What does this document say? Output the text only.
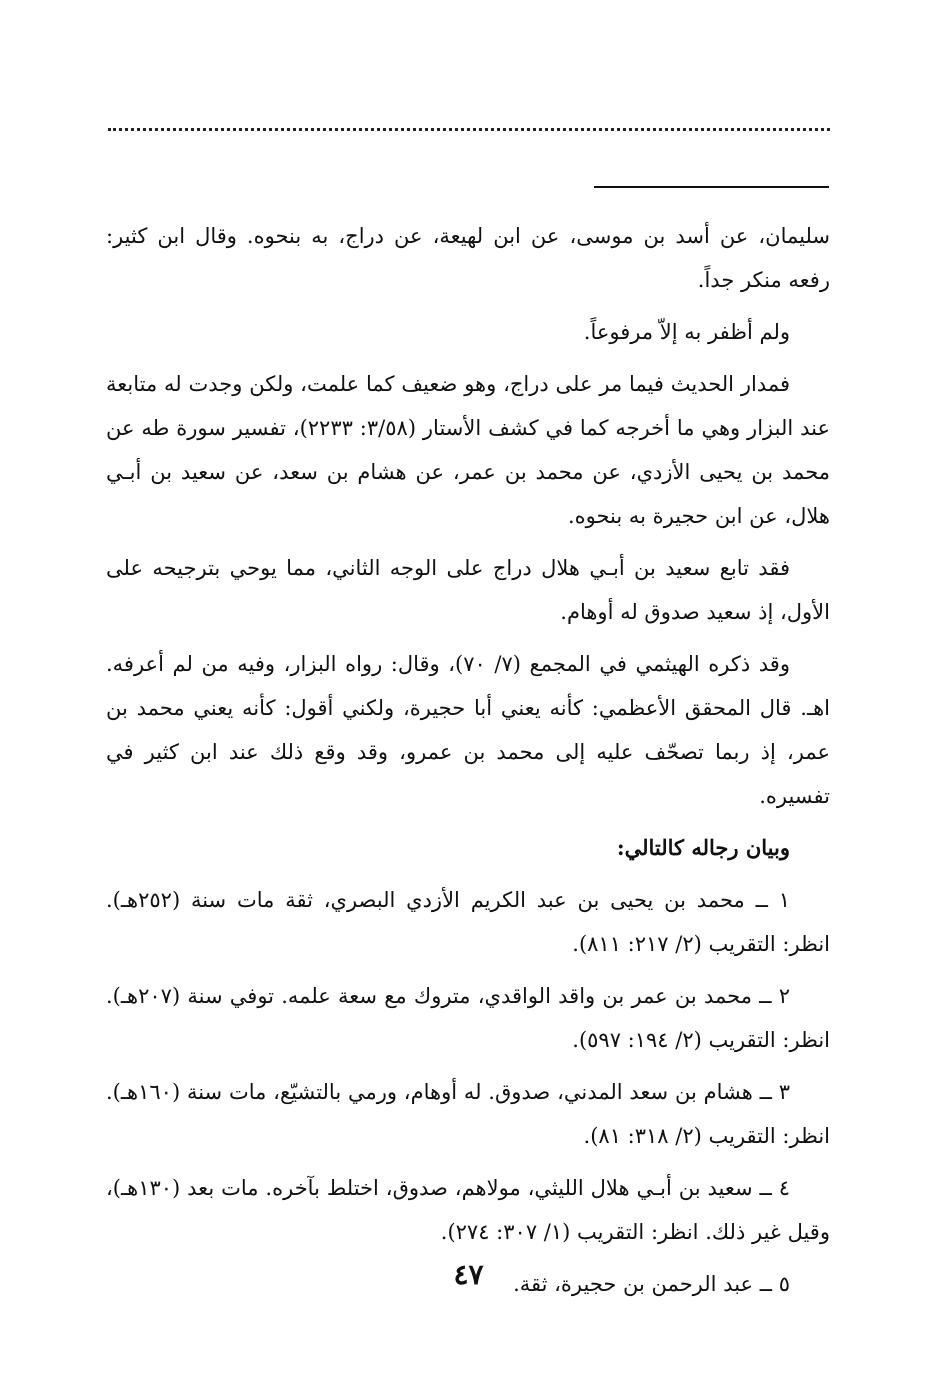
سليمان، عن أسد بن موسى، عن ابن لهيعة، عن دراج، به بنحوه. وقال ابن كثير: رفعه منكر جداً.

ولم أظفر به إلاّ مرفوعاً.

فمدار الحديث فيما مر على دراج، وهو ضعيف كما علمت، ولكن وجدت له متابعة عند البزار وهي ما أخرجه كما في كشف الأستار (٣/٥٨: ٢٢٣٣)، تفسير سورة طه عن محمد بن يحيى الأزدي، عن محمد بن عمر، عن هشام بن سعد، عن سعيد بن أبـي هلال، عن ابن حجيرة به بنحوه.

فقد تابع سعيد بن أبـي هلال دراج على الوجه الثاني، مما يوحي بترجيحه على الأول، إذ سعيد صدوق له أوهام.

وقد ذكره الهيثمي في المجمع (٧/ ٧٠)، وقال: رواه البزار، وفيه من لم أعرفه. اهـ. قال المحقق الأعظمي: كأنه يعني أبا حجيرة، ولكني أقول: كأنه يعني محمد بن عمر، إذ ربما تصحّف عليه إلى محمد بن عمرو، وقد وقع ذلك عند ابن كثير في تفسيره.

وبيان رجاله كالتالي:

١ ــ محمد بن يحيى بن عبد الكريم الأزدي البصري، ثقة مات سنة (٢٥٢هـ). انظر: التقريب (٢/ ٢١٧: ٨١١).

٢ ــ محمد بن عمر بن واقد الواقدي، متروك مع سعة علمه. توفي سنة (٢٠٧هـ). انظر: التقريب (٢/ ١٩٤: ٥٩٧).

٣ ــ هشام بن سعد المدني، صدوق. له أوهام، ورمي بالتشيّع، مات سنة (١٦٠هـ). انظر: التقريب (٢/ ٣١٨: ٨١).

٤ ــ سعيد بن أبـي هلال الليثي، مولاهم، صدوق، اختلط بآخره. مات بعد (١٣٠هـ)، وقيل غير ذلك. انظر: التقريب (١/ ٣٠٧: ٢٧٤).

٥ ــ عبد الرحمن بن حجيرة، ثقة.

٤٧
